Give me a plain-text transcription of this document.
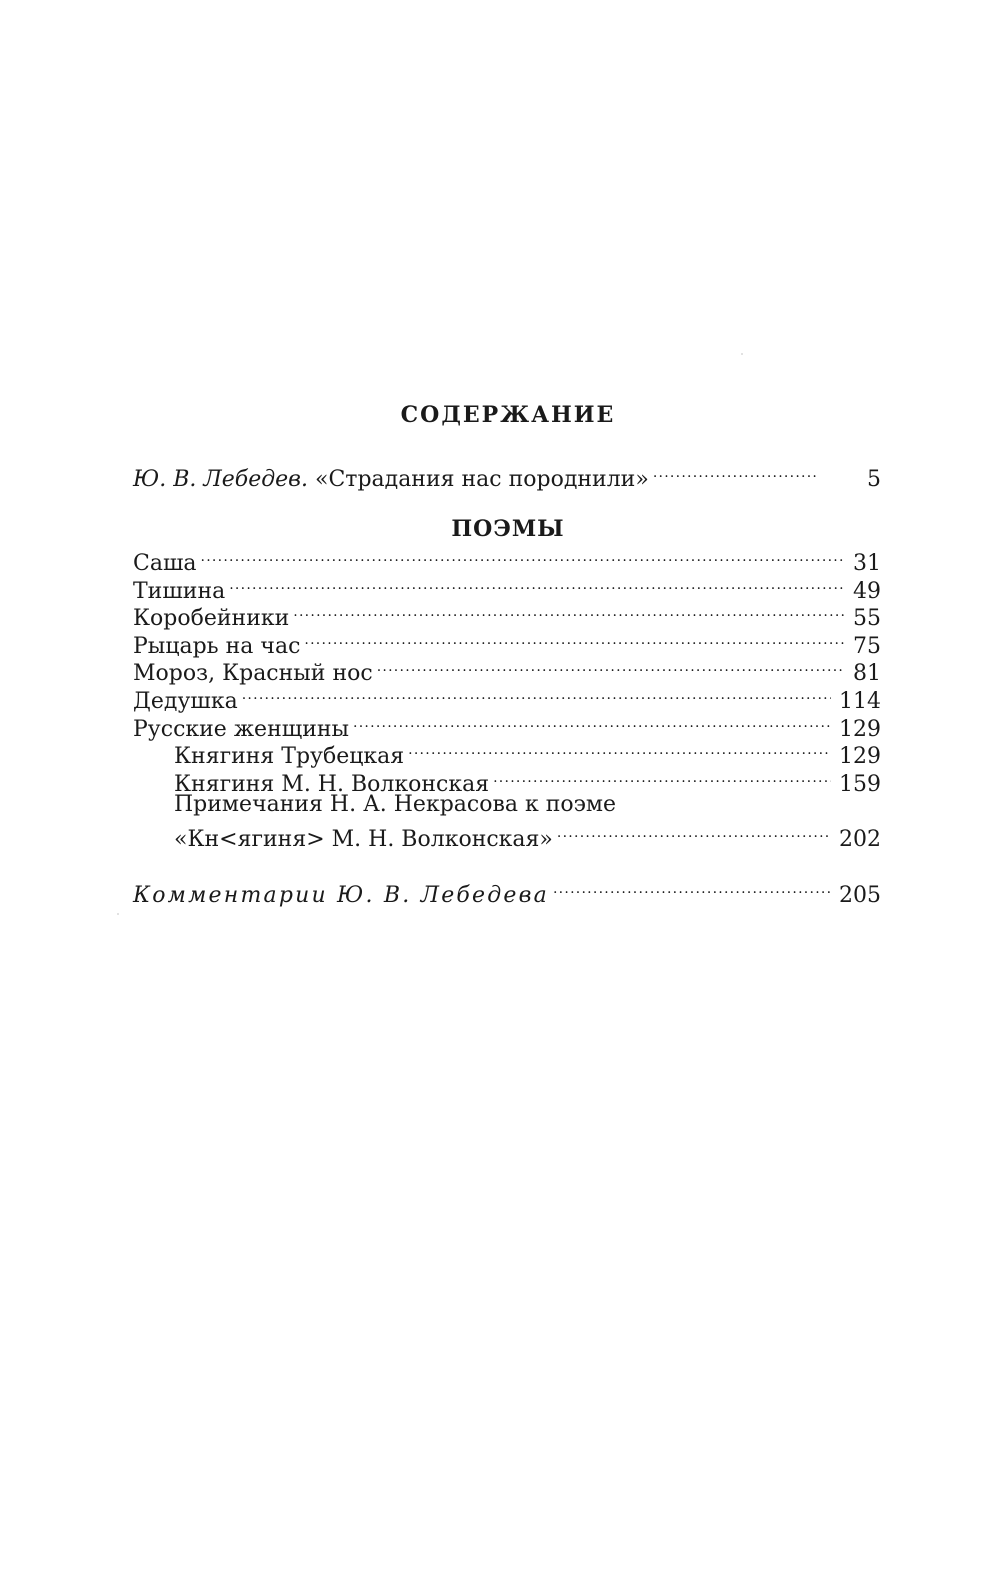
СОДЕРЖАНИЕ
Ю. В. Лебедев. «Страдания нас породнили» . . .	5
ПОЭМЫ
Саша . . .	31
Тишина . . .	49
Коробейники . . .	55
Рыцарь на час . . .	75
Мороз, Красный нос . . .	81
Дедушка . . .	114
Русские женщины . . .	129
Княгиня Трубецкая . . .	129
Княгиня М. Н. Волконская . . .	159
Примечания Н. А. Некрасова к поэме
«Кн<ягиня> М. Н. Волконская» . . .	202
Комментарии Ю. В. Лебедева . . .	205
